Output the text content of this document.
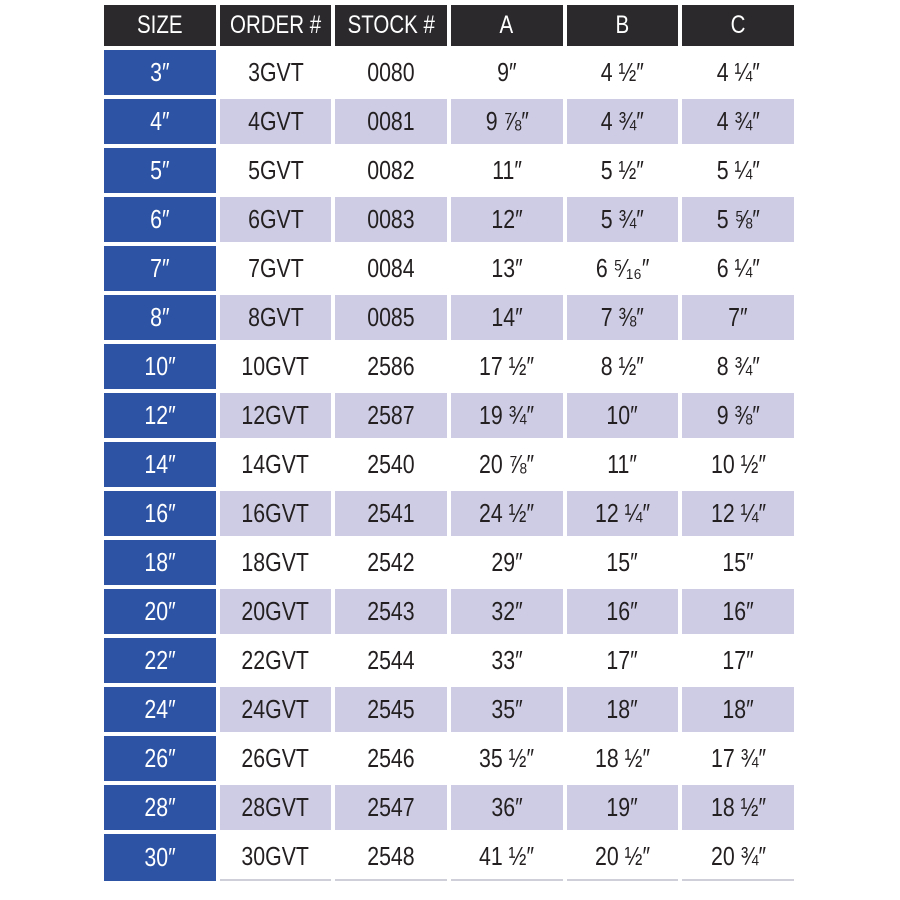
SIZE	ORDER #	STOCK #	A	B	C
3″	3GVT	0080	9″	4 ½″	4 ¼″
4″	4GVT	0081	9 ⅞″	4 ¾″	4 ¾″
5″	5GVT	0082	11″	5 ½″	5 ¼″
6″	6GVT	0083	12″	5 ¾″	5 ⅝″
7″	7GVT	0084	13″	6 ⁵⁄₁₆″	6 ¼″
8″	8GVT	0085	14″	7 ⅜″	7″
10″	10GVT	2586	17 ½″	8 ½″	8 ¾″
12″	12GVT	2587	19 ¾″	10″	9 ⅜″
14″	14GVT	2540	20 ⅞″	11″	10 ½″
16″	16GVT	2541	24 ½″	12 ¼″	12 ¼″
18″	18GVT	2542	29″	15″	15″
20″	20GVT	2543	32″	16″	16″
22″	22GVT	2544	33″	17″	17″
24″	24GVT	2545	35″	18″	18″
26″	26GVT	2546	35 ½″	18 ½″	17 ¾″
28″	28GVT	2547	36″	19″	18 ½″
30″	30GVT	2548	41 ½″	20 ½″	20 ¾″
